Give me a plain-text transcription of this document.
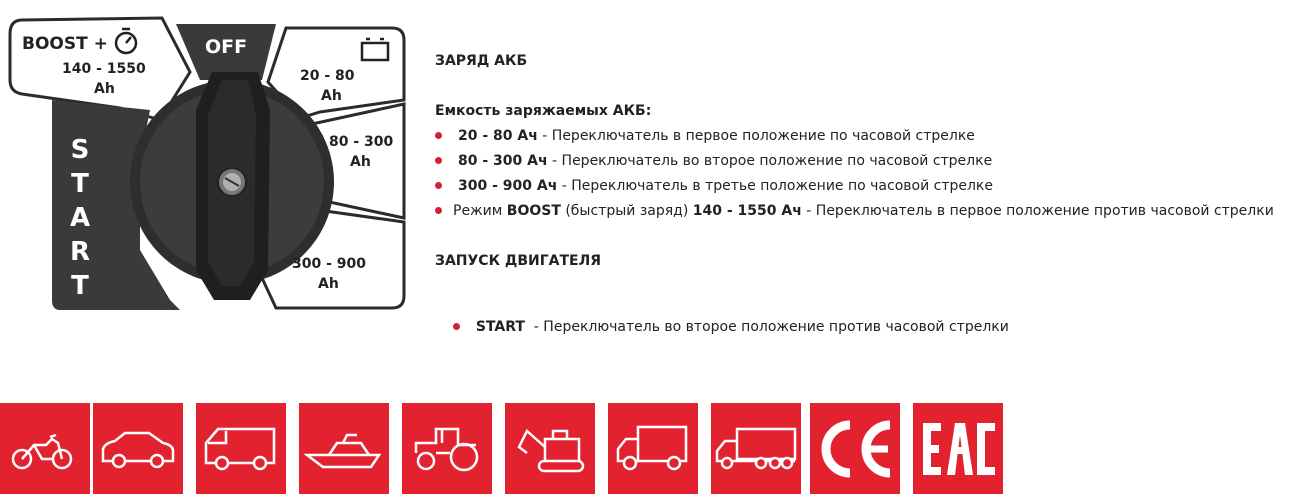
BOOST +
140 - 1550
Ah
OFF
20 - 80
Ah
80 - 300
Ah
300 - 900
Ah
S
T
A
R
T
ЗАРЯД АКБ
Емкость заряжаемых АКБ:
20 - 80 Ач - Переключатель в первое положение по часовой стрелке
80 - 300 Ач - Переключатель во второе положение по часовой стрелке
300 - 900 Ач - Переключатель в третье положение по часовой стрелке
Режим BOOST (быстрый заряд) 140 - 1550 Ач - Переключатель в первое положение против часовой стрелки
ЗАПУСК ДВИГАТЕЛЯ

START  - Переключатель во второе положение против часовой стрелки
